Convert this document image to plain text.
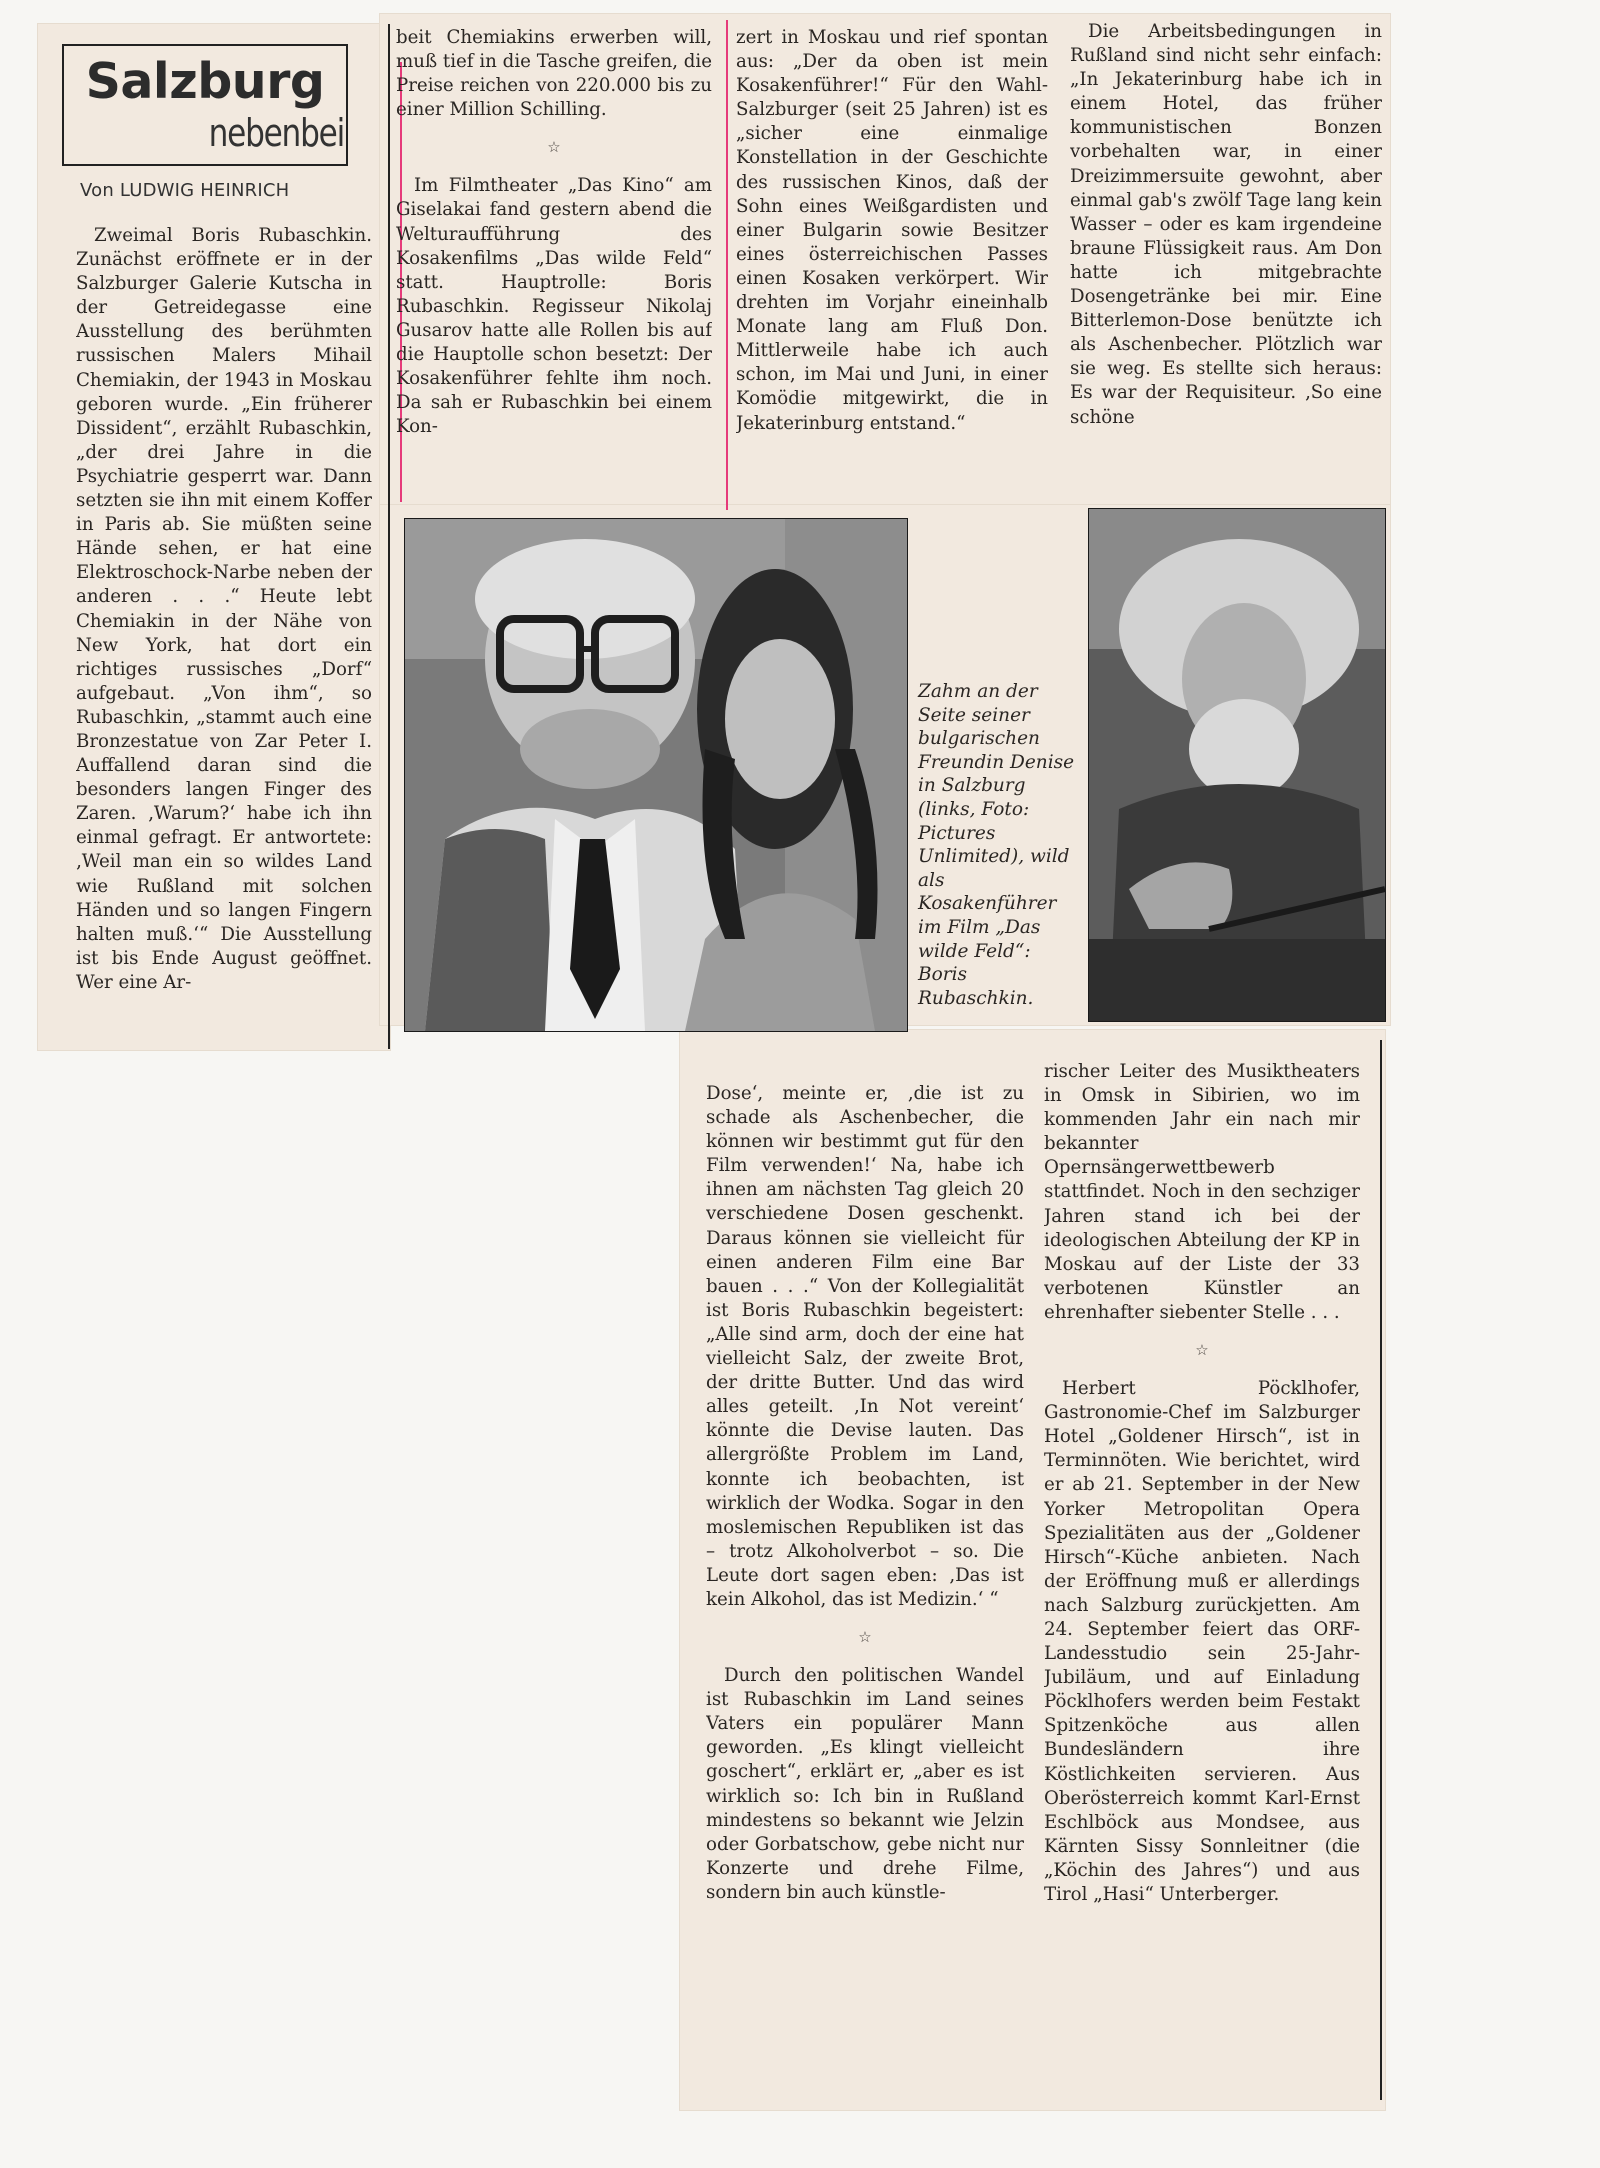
Salzburg
nebenbei
Von LUDWIG HEINRICH

Zweimal Boris Rubaschkin. Zunächst eröffnete er in der Salzburger Galerie Kutscha in der Getreidegasse eine Ausstellung des berühmten russischen Malers Mihail Chemiakin, der 1943 in Moskau geboren wurde. „Ein früherer Dissident“, erzählt Rubaschkin, „der drei Jahre in die Psychiatrie gesperrt war. Dann setzten sie ihn mit einem Koffer in Paris ab. Sie müßten seine Hände sehen, er hat eine Elektroschock-Narbe neben der anderen . . .“ Heute lebt Chemiakin in der Nähe von New York, hat dort ein richtiges russisches „Dorf“ aufgebaut. „Von ihm“, so Rubaschkin, „stammt auch eine Bronzestatue von Zar Peter I. Auffallend daran sind die besonders langen Finger des Zaren. ‚Warum?‘ habe ich ihn einmal gefragt. Er antwortete: ‚Weil man ein so wildes Land wie Rußland mit solchen Händen und so langen Fingern halten muß.‘“ Die Ausstellung ist bis Ende August geöffnet. Wer eine Ar-

beit Chemiakins erwerben will, muß tief in die Tasche greifen, die Preise reichen von 220.000 bis zu einer Million Schilling.

☆

Im Filmtheater „Das Kino“ am Giselakai fand gestern abend die Welturaufführung des Kosakenfilms „Das wilde Feld“ statt. Hauptrolle: Boris Rubaschkin. Regisseur Nikolaj Gusarov hatte alle Rollen bis auf die Hauptolle schon besetzt: Der Kosakenführer fehlte ihm noch. Da sah er Rubaschkin bei einem Kon-

zert in Moskau und rief spontan aus: „Der da oben ist mein Kosakenführer!“ Für den Wahl-Salzburger (seit 25 Jahren) ist es „sicher eine einmalige Konstellation in der Geschichte des russischen Kinos, daß der Sohn eines Weißgardisten und einer Bulgarin sowie Besitzer eines österreichischen Passes einen Kosaken verkörpert. Wir drehten im Vorjahr eineinhalb Monate lang am Fluß Don. Mittlerweile habe ich auch schon, im Mai und Juni, in einer Komödie mitgewirkt, die in Jekaterinburg entstand.“

Die Arbeitsbedingungen in Rußland sind nicht sehr einfach: „In Jekaterinburg habe ich in einem Hotel, das früher kommunistischen Bonzen vorbehalten war, in einer Dreizimmersuite gewohnt, aber einmal gab's zwölf Tage lang kein Wasser – oder es kam irgendeine braune Flüssigkeit raus. Am Don hatte ich mitgebrachte Dosengetränke bei mir. Eine Bitterlemon-Dose benützte ich als Aschenbecher. Plötzlich war sie weg. Es stellte sich heraus: Es war der Requisiteur. ‚So eine schöne

Zahm an der Seite seiner bulgarischen Freundin Denise in Salzburg (links, Foto: Pictures Unlimited), wild als Kosakenführer im Film „Das wilde Feld“: Boris Rubaschkin.

Dose‘, meinte er, ‚die ist zu schade als Aschenbecher, die können wir bestimmt gut für den Film verwenden!‘ Na, habe ich ihnen am nächsten Tag gleich 20 verschiedene Dosen geschenkt. Daraus können sie vielleicht für einen anderen Film eine Bar bauen . . .“ Von der Kollegialität ist Boris Rubaschkin begeistert: „Alle sind arm, doch der eine hat vielleicht Salz, der zweite Brot, der dritte Butter. Und das wird alles geteilt. ‚In Not vereint‘ könnte die Devise lauten. Das allergrößte Problem im Land, konnte ich beobachten, ist wirklich der Wodka. Sogar in den moslemischen Republiken ist das – trotz Alkoholverbot – so. Die Leute dort sagen eben: ‚Das ist kein Alkohol, das ist Medizin.‘ “

☆

Durch den politischen Wandel ist Rubaschkin im Land seines Vaters ein populärer Mann geworden. „Es klingt vielleicht goschert“, erklärt er, „aber es ist wirklich so: Ich bin in Rußland mindestens so bekannt wie Jelzin oder Gorbatschow, gebe nicht nur Konzerte und drehe Filme, sondern bin auch künstle-

rischer Leiter des Musiktheaters in Omsk in Sibirien, wo im kommenden Jahr ein nach mir bekannter Opernsängerwettbewerb stattfindet. Noch in den sechziger Jahren stand ich bei der ideologischen Abteilung der KP in Moskau auf der Liste der 33 verbotenen Künstler an ehrenhafter siebenter Stelle . . .

☆

Herbert Pöcklhofer, Gastronomie-Chef im Salzburger Hotel „Goldener Hirsch“, ist in Terminnöten. Wie berichtet, wird er ab 21. September in der New Yorker Metropolitan Opera Spezialitäten aus der „Goldener Hirsch“-Küche anbieten. Nach der Eröffnung muß er allerdings nach Salzburg zurückjetten. Am 24. September feiert das ORF-Landesstudio sein 25-Jahr-Jubiläum, und auf Einladung Pöcklhofers werden beim Festakt Spitzenköche aus allen Bundesländern ihre Köstlichkeiten servieren. Aus Oberösterreich kommt Karl-Ernst Eschlböck aus Mondsee, aus Kärnten Sissy Sonnleitner (die „Köchin des Jahres“) und aus Tirol „Hasi“ Unterberger.
